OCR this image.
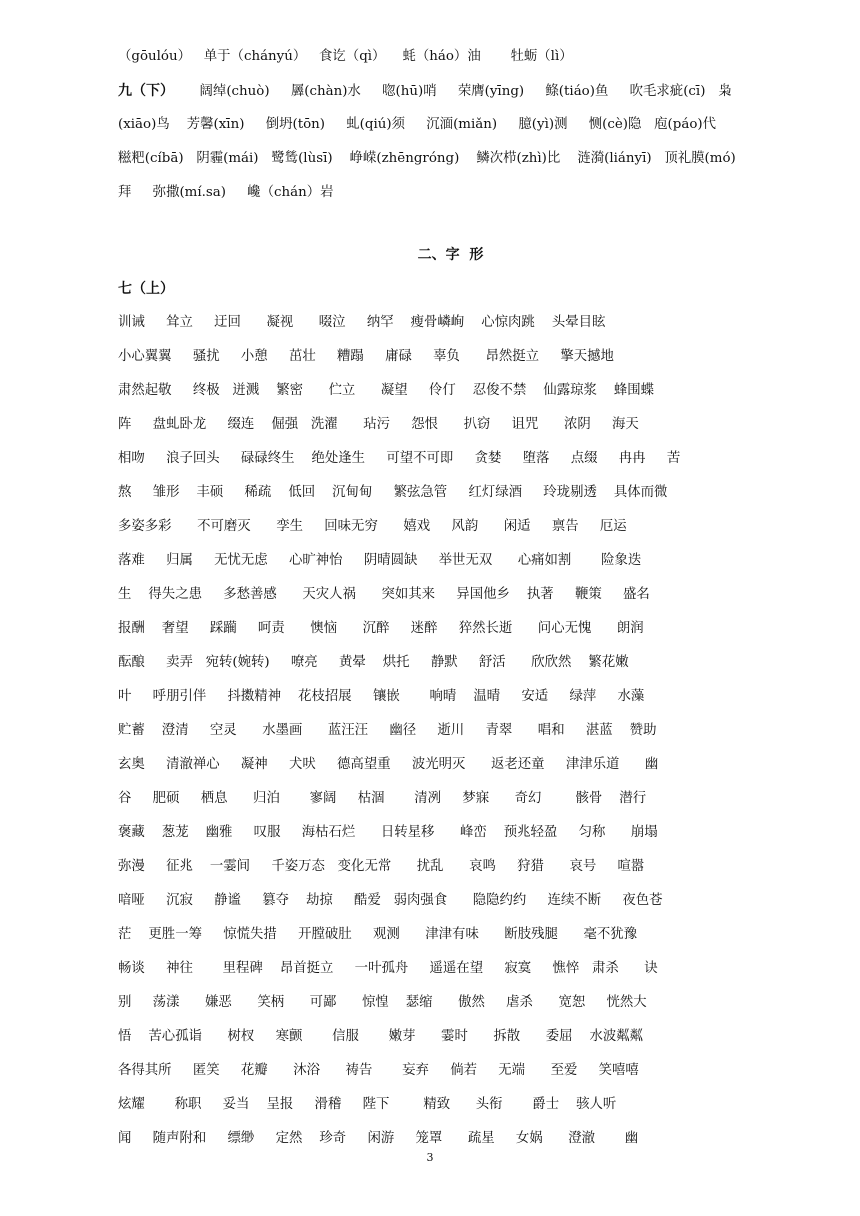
（gōulóu）   单于（chányú）   食讫（qì）    蚝（háo）油       牡蛎（lì）
九（下）      阔绰(chuò)     羼(chàn)水     唿(hū)哨     荣膺(yīng)     鲦(tiáo)鱼     吹毛求疵(cī)   枭
(xiāo)鸟    芳馨(xīn)     倒坍(tōn)     虬(qiú)须     沉湎(miǎn)     臆(yì)测     恻(cè)隐   庖(páo)代
糍粑(cíbā)   阴霾(mái)   鹭鸶(lùsī)    峥嵘(zhēngróng)    鳞次栉(zhì)比    涟漪(liányī)   顶礼膜(mó)
拜     弥撒(mí.sa)     巉（chán）岩
二、字  形
七（上）
训诫     耸立     迂回      凝视      啜泣     纳罕    瘦骨嶙峋    心惊肉跳    头晕目眩
小心翼翼     骚扰     小憩     茁壮     糟蹋     庸碌     辜负      昂然挺立     擎天撼地
肃然起敬     终极   迸溅    繁密      伫立      凝望     伶仃    忍俊不禁    仙露琼浆    蜂围蝶
阵     盘虬卧龙     缀连    倔强   洗濯      玷污     怨恨      扒窃     诅咒      浓阴     海天
相吻     浪子回头     碌碌终生    绝处逢生     可望不可即     贪婪     堕落     点缀     冉冉     苦
熬     雏形    丰硕     稀疏    低回    沉甸甸     繁弦急管     红灯绿酒     玲珑剔透    具体而微
多姿多彩      不可磨灭      孪生     回味无穷      嬉戏     风韵      闲适     禀告     厄运
落难     归属     无忧无虑     心旷神怡     阴晴圆缺     举世无双      心痛如割       险象迭
生    得失之患     多愁善感      天灾人祸      突如其来     异国他乡    执著     鞭策     盛名
报酬    奢望     踩躏     呵责      懊恼      沉醉     迷醉     猝然长逝      问心无愧      朗润
酝酿     卖弄   宛转(婉转)     嘹亮     黄晕    烘托     静默     舒活      欣欣然    繁花嫩
叶     呼朋引伴     抖擞精神    花枝招展     镶嵌       响晴    温晴     安适     绿萍     水藻
贮蓄    澄清     空灵      水墨画      蓝汪汪     幽径     逝川     青翠      唱和     湛蓝    赞助
玄奥     清澈禅心     凝神     犬吠     德高望重     波光明灭      返老还童     津津乐道      幽
谷     肥硕     栖息      归泊       寥阔     枯涸       清冽     梦寐      奇幻        骸骨    潜行
褒藏    葱茏    幽雅     叹服     海枯石烂      日转星移      峰峦    预兆轻盈     匀称      崩塌
弥漫     征兆    一霎间     千姿万态   变化无常      扰乱      哀鸣     狩猎      哀号     喧嚣
喑哑     沉寂     静谧     篡夺    劫掠     酷爱   弱肉强食      隐隐约约     连续不断     夜色苍
茫    更胜一筹     惊慌失措     开膛破肚     观测      津津有味      断肢残腿      毫不犹豫
畅谈     神往       里程碑    昂首挺立     一叶孤舟     遥遥在望     寂寞     憔悴   肃杀      诀
别     荡漾      嫌恶      笑柄      可鄙      惊惶    瑟缩      傲然     虐杀      宽恕     恍然大
悟    苦心孤诣      树杈     寒颤       信服       嫩芽      霎时      拆散      委屈    水波粼粼
各得其所     匿笑     花瓣      沐浴      祷告       妄弃     倘若     无端      至爱     笑嘻嘻
炫耀       称职     妥当    呈报     滑稽     陛下        精致      头衔       爵士    骇人听
闻     随声附和     缥缈     定然    珍奇     闲游     笼罩      疏星     女娲      澄澈       幽
3
